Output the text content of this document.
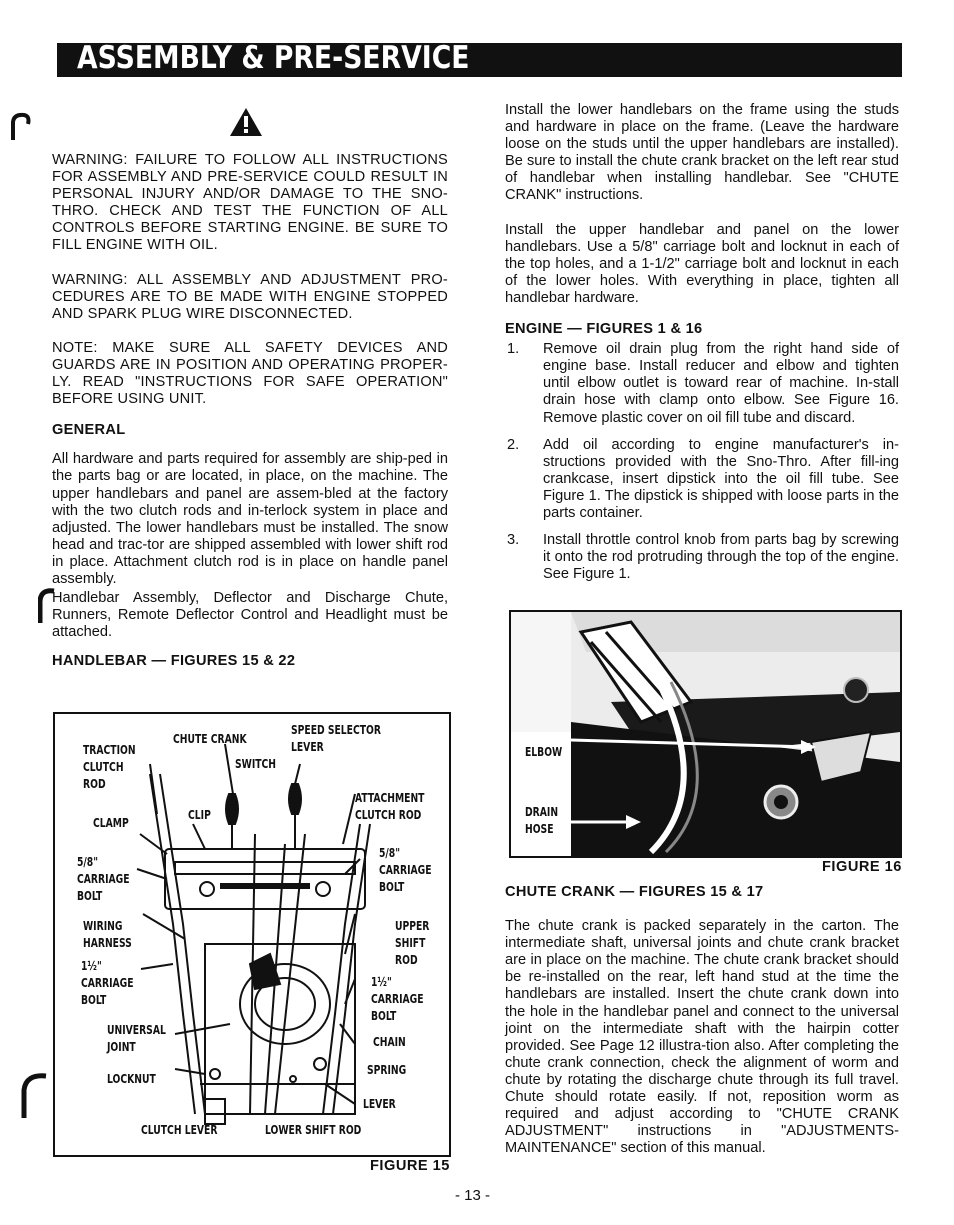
ASSEMBLY & PRE-SERVICE

WARNING: FAILURE TO FOLLOW ALL INSTRUCTIONS FOR ASSEMBLY AND PRE-SERVICE COULD RESULT IN PERSONAL INJURY AND/OR DAMAGE TO THE SNO-THRO. CHECK AND TEST THE FUNCTION OF ALL CONTROLS BEFORE STARTING ENGINE. BE SURE TO FILL ENGINE WITH OIL.

WARNING: ALL ASSEMBLY AND ADJUSTMENT PRO-CEDURES ARE TO BE MADE WITH ENGINE STOPPED AND SPARK PLUG WIRE DISCONNECTED.

NOTE: MAKE SURE ALL SAFETY DEVICES AND GUARDS ARE IN POSITION AND OPERATING PROPER-LY. READ "INSTRUCTIONS FOR SAFE OPERATION" BEFORE USING UNIT.

GENERAL

All hardware and parts required for assembly are ship-ped in the parts bag or are located, in place, on the machine. The upper handlebars and panel are assem-bled at the factory with the two clutch rods and in-terlock system in place and adjusted. The lower handlebars must be installed. The snow head and trac-tor are shipped assembled with lower shift rod in place. Attachment clutch rod is in place on handle panel assembly.

Handlebar Assembly, Deflector and Discharge Chute, Runners, Remote Deflector Control and Headlight must be attached.

HANDLEBAR — FIGURES 15 & 22

TRACTION
CLUTCH
ROD
CHUTE CRANK
SPEED SELECTOR
LEVER
SWITCH
ATTACHMENT
CLUTCH ROD
CLAMP
CLIP
5/8"
CARRIAGE
BOLT
5/8"
CARRIAGE
BOLT
WIRING
HARNESS
UPPER
SHIFT
ROD
1½"
CARRIAGE
BOLT
1½"
CARRIAGE
BOLT
UNIVERSAL
JOINT	CHAIN
SPRING
LOCKNUT
LEVER
CLUTCH LEVER	LOWER SHIFT ROD
FIGURE 15

Install the lower handlebars on the frame using the studs and hardware in place on the frame. (Leave the hardware loose on the studs until the upper handlebars are installed). Be sure to install the chute crank bracket on the left rear stud of handlebar when installing handlebar. See "CHUTE CRANK" instructions.

Install the upper handlebar and panel on the lower handlebars. Use a 5/8" carriage bolt and locknut in each of the top holes, and a 1-1/2" carriage bolt and locknut in each of the lower holes. With everything in place, tighten all handlebar hardware.

ENGINE — FIGURES 1 & 16

1. Remove oil drain plug from the right hand side of engine base. Install reducer and elbow and tighten until elbow outlet is toward rear of machine. In-stall drain hose with clamp onto elbow. See Figure 16. Remove plastic cover on oil fill tube and discard.
2. Add oil according to engine manufacturer's in-structions provided with the Sno-Thro. After fill-ing crankcase, insert dipstick into the oil fill tube. See Figure 1. The dipstick is shipped with loose parts in the parts container.
3. Install throttle control knob from parts bag by screwing it onto the rod protruding through the top of the engine. See Figure 1.
ELBOW
DRAIN
HOSE
FIGURE 16

CHUTE CRANK — FIGURES 15 & 17

The chute crank is packed separately in the carton. The intermediate shaft, universal joints and chute crank bracket are in place on the machine. The chute crank bracket should be re-installed on the rear, left hand stud at the time the handlebars are installed. Insert the chute crank down into the hole in the handlebar panel and connect to the universal joint on the intermediate shaft with the hairpin cotter provided. See Page 12 illustra-tion also. After completing the chute crank connection, check the alignment of worm and chute by rotating the discharge chute through its full travel. Chute should rotate easily. If not, reposition worm as required and adjust according to "CHUTE CRANK ADJUSTMENT" instructions in "ADJUSTMENTS-MAINTENANCE" section of this manual.

- 13 -
